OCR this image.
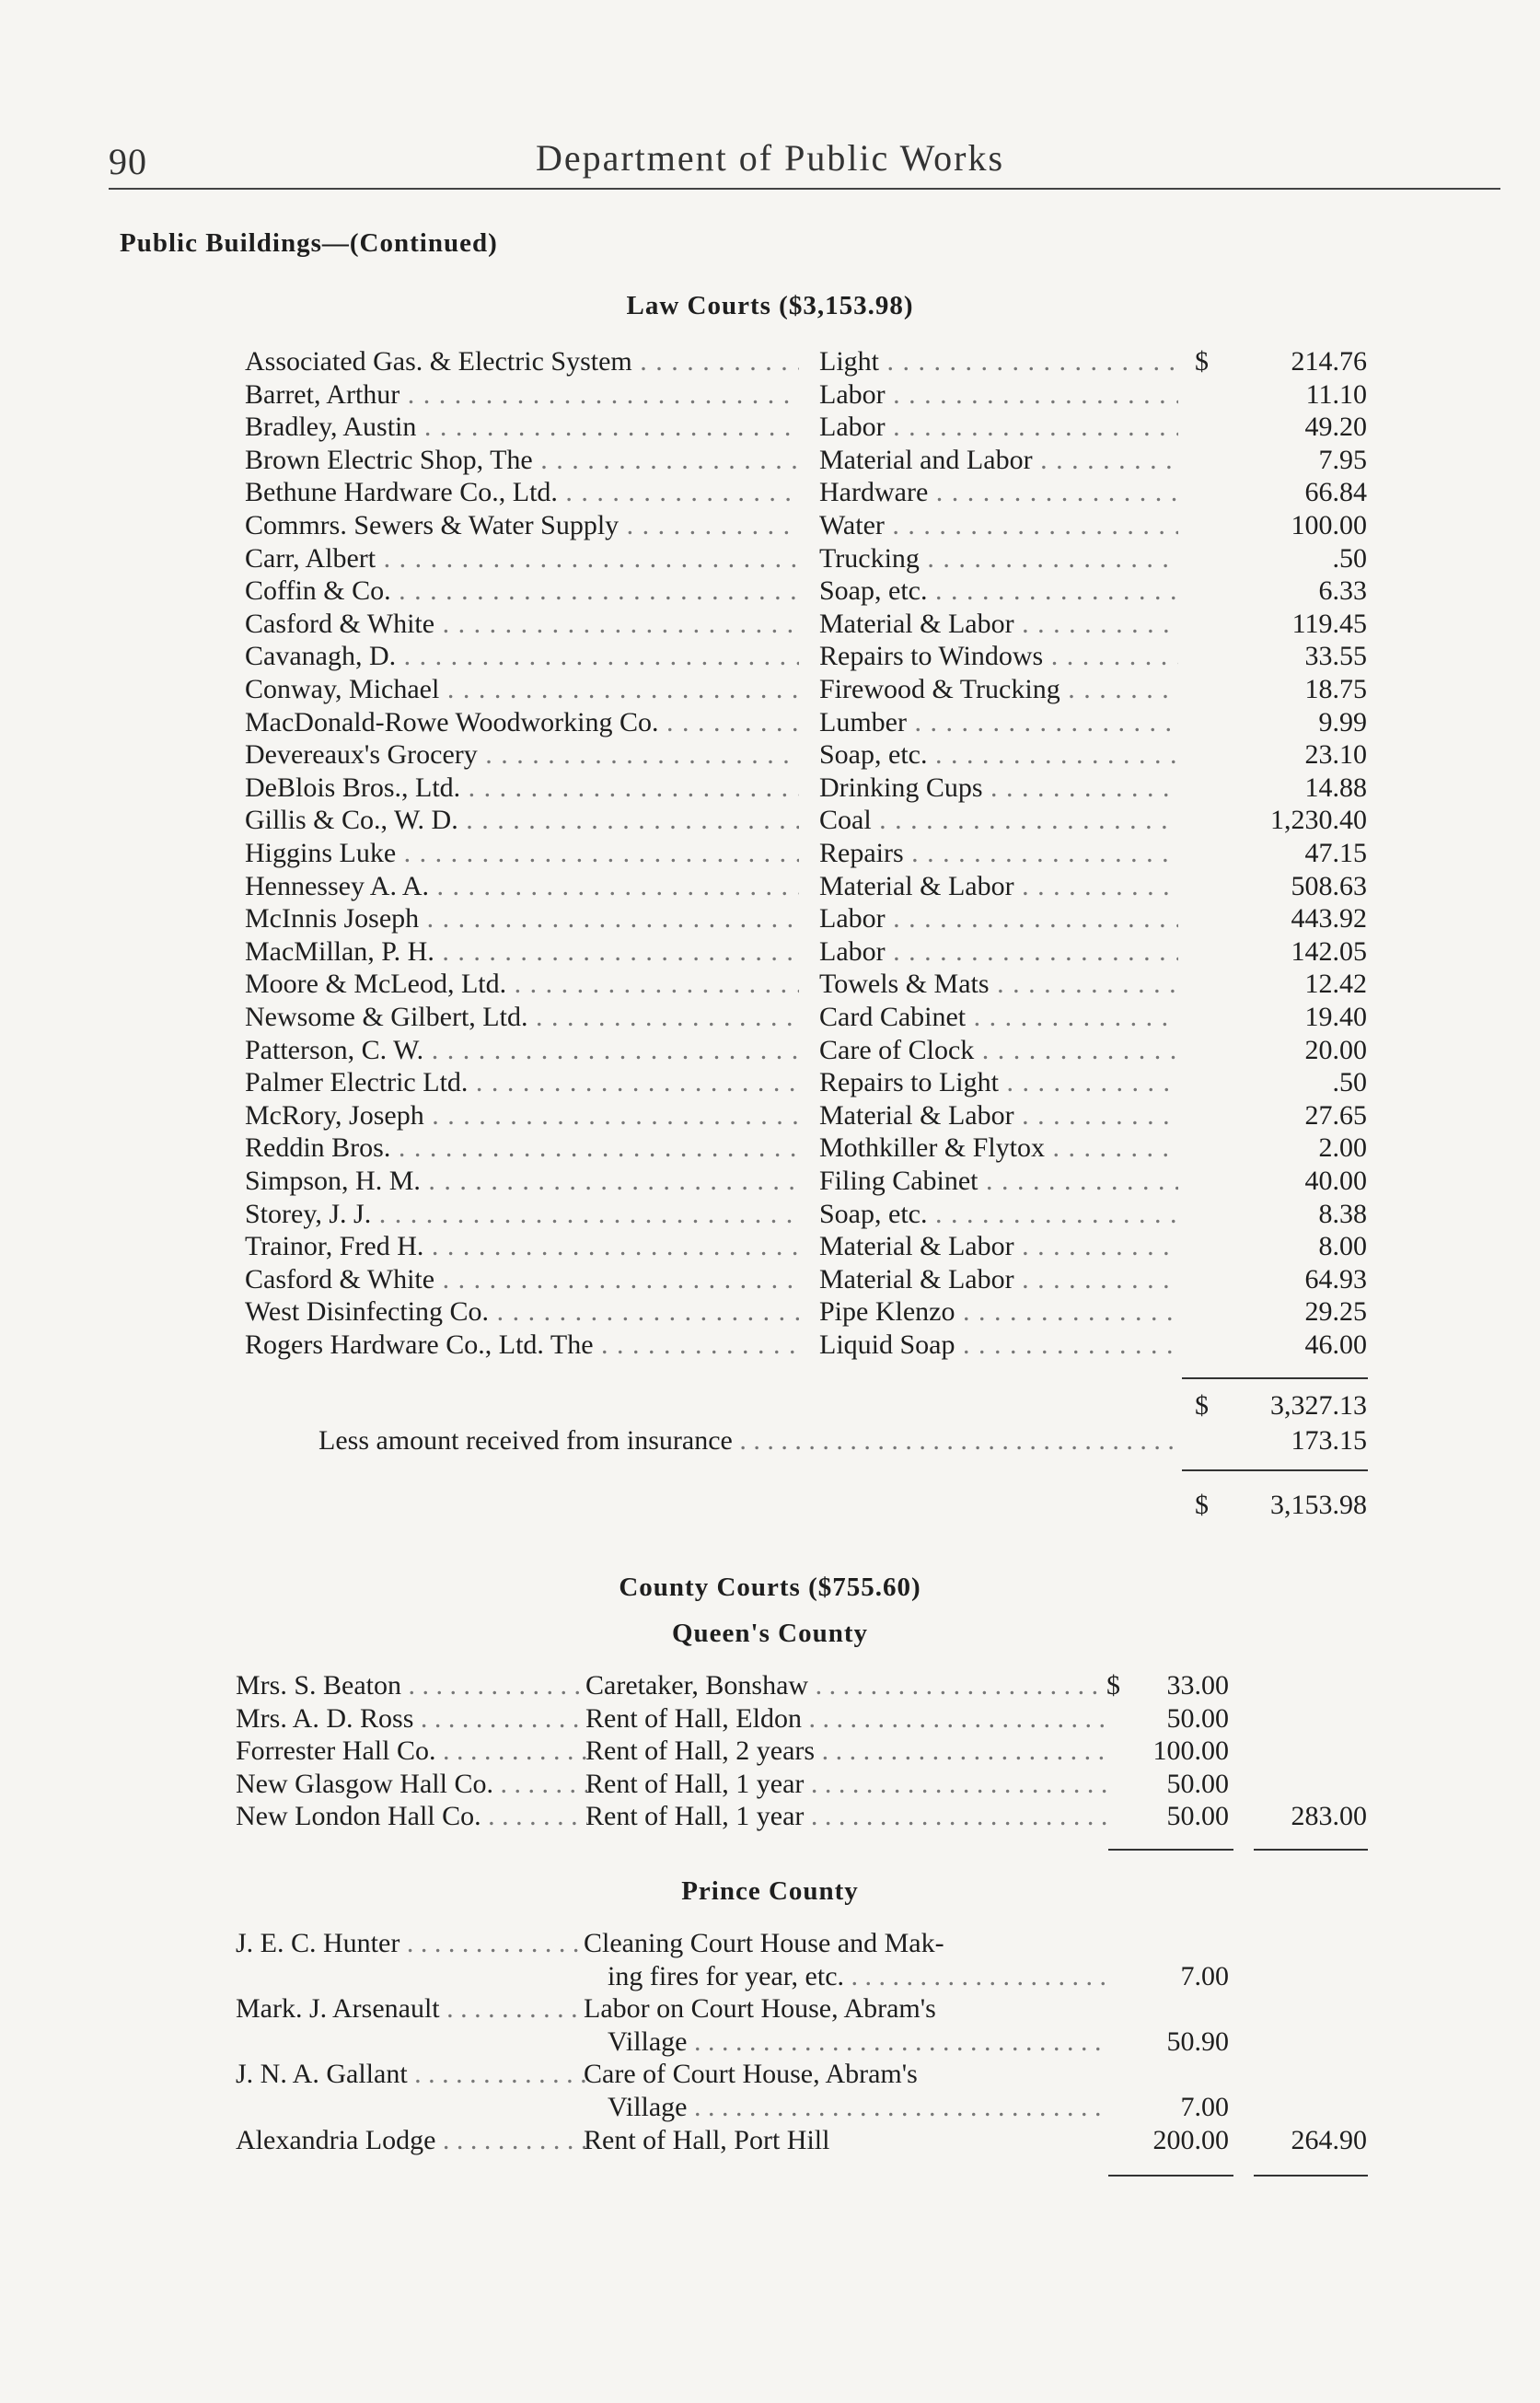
90	Department of Public Works
Public Buildings—(Continued)
Law Courts ($3,153.98)
Associated Gas. & Electric System . . .	Light . . .	$	214.76
Barret, Arthur . . .	Labor . . .	11.10
Bradley, Austin . . .	Labor . . .	49.20
Brown Electric Shop, The . . .	Material and Labor . . .	7.95
Bethune Hardware Co., Ltd. . . .	Hardware . . .	66.84
Commrs. Sewers & Water Supply . . .	Water . . .	100.00
Carr, Albert . . .	Trucking . . .	.50
Coffin & Co. . . .	Soap, etc. . . .	6.33
Casford & White . . .	Material & Labor . . .	119.45
Cavanagh, D. . . .	Repairs to Windows . . .	33.55
Conway, Michael . . .	Firewood & Trucking . . .	18.75
MacDonald-Rowe Woodworking Co. . . .	Lumber . . .	9.99
Devereaux's Grocery . . .	Soap, etc. . . .	23.10
DeBlois Bros., Ltd. . . .	Drinking Cups . . .	14.88
Gillis & Co., W. D. . . .	Coal . . .	1,230.40
Higgins Luke . . .	Repairs . . .	47.15
Hennessey A. A. . . .	Material & Labor . . .	508.63
McInnis Joseph . . .	Labor . . .	443.92
MacMillan, P. H. . . .	Labor . . .	142.05
Moore & McLeod, Ltd. . . .	Towels & Mats . . .	12.42
Newsome & Gilbert, Ltd. . . .	Card Cabinet . . .	19.40
Patterson, C. W. . . .	Care of Clock . . .	20.00
Palmer Electric Ltd. . . .	Repairs to Light . . .	.50
McRory, Joseph . . .	Material & Labor . . .	27.65
Reddin Bros. . . .	Mothkiller & Flytox . . .	2.00
Simpson, H. M. . . .	Filing Cabinet . . .	40.00
Storey, J. J. . . .	Soap, etc. . . .	8.38
Trainor, Fred H. . . .	Material & Labor . . .	8.00
Casford & White . . .	Material & Labor . . .	64.93
West Disinfecting Co. . . .	Pipe Klenzo . . .	29.25
Rogers Hardware Co., Ltd. The . . .	Liquid Soap . . .	46.00
$ 3,327.13
Less amount received from insurance . . .	173.15
$ 3,153.98
County Courts ($755.60)
Queen's County
Mrs. S. Beaton . . .	Caretaker, Bonshaw . . .	$ 33.00
Mrs. A. D. Ross . . .	Rent of Hall, Eldon . . .	50.00
Forrester Hall Co. . . .	Rent of Hall, 2 years . . .	100.00
New Glasgow Hall Co. . . .	Rent of Hall, 1 year . . .	50.00
New London Hall Co. . . .	Rent of Hall, 1 year . . .	50.00 283.00
Prince County
J. E. C. Hunter . . .	Cleaning Court House and Mak-
ing fires for year, etc. . . .	7.00
Mark. J. Arsenault . . .	Labor on Court House, Abram's
Village . . .	50.90
J. N. A. Gallant . . .	Care of Court House, Abram's
Village . . .	7.00
Alexandria Lodge . . .	Rent of Hall, Port Hill	200.00 264.90
